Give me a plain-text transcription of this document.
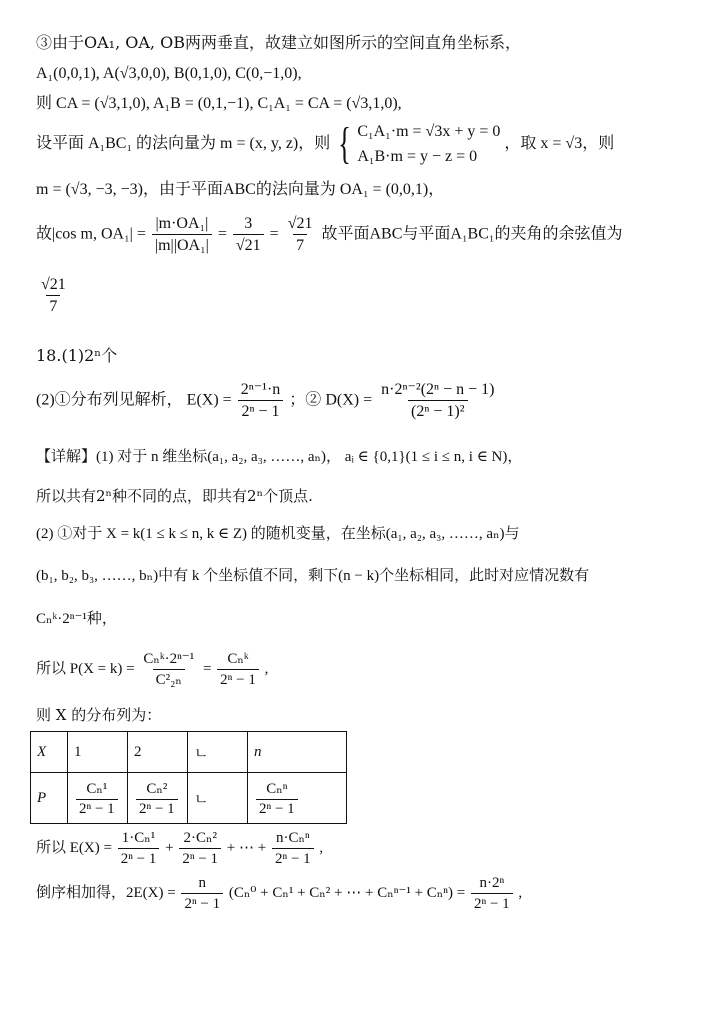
③由于OA₁, OA, OB两两垂直，故建立如图所示的空间直角坐标系，
A₁(0,0,1), A(√3,0,0), B(0,1,0), C(0,−1,0),
则 CA = (√3,1,0), A₁B = (0,1,−1), C₁A₁ = CA = (√3,1,0),
设平面 A₁BC₁ 的法向量为 m = (x, y, z)，则 { C₁A₁·m = √3x + y = 0
A₁B·m = y − z = 0
，取 x = √3，则
m = (√3, −3, −3)，由于平面ABC的法向量为 OA₁ = (0,0,1)，
故|cos m, $OA_1| = \frac{\text{|m·OA₁|}}{\text{|m||OA₁|}} = \frac{3}{√21} = \frac{√21}{7}$ 故平面ABC与平面A₁BC₁的夹角的余弦值为
$\frac{√21}{7}$
18.(1)2ⁿ个
(2)①分布列见解析， $E(X) = \frac{\text{2ⁿ⁻¹·n}}{\text{2ⁿ − 1}}$ ；② $D(X) = \frac{\text{n·2ⁿ⁻²(2ⁿ − n − 1)}}{\text{(2ⁿ − 1)²}}$
【详解】(1) 对于 n 维坐标(a₁, a₂, a₃, ……, aₙ)， aᵢ ∈ {0,1}(1 ≤ i ≤ n, i ∈ N)，
所以共有2ⁿ种不同的点，即共有2ⁿ个顶点.
(2) ①对于 X = k(1 ≤ k ≤ n, k ∈ Z) 的随机变量，在坐标(a₁, a₂, a₃, ……, aₙ)与
(b₁, b₂, b₃, ……, bₙ)中有 k 个坐标值不同，剩下(n − k)个坐标相同，此时对应情况数有
Cₙᵏ·2ⁿ⁻¹种，
所以 $P(X = k) = \frac{\text{Cₙᵏ·2ⁿ⁻¹}}{\text{C²₂ₙ}} = \frac{\text{Cₙᵏ}}{\text{2ⁿ − 1}}$ ,
则 X 的分布列为：
X	1	2	ㄴ	n
P	$\frac{\text{Cₙ¹}}{\text{2ⁿ − 1}}$	$\frac{\text{Cₙ²}}{\text{2ⁿ − 1}}$	ㄴ	$\frac{\text{Cₙⁿ}}{\text{2ⁿ − 1}}$
所以 $E(X) = \frac{\text{1·Cₙ¹}}{\text{2ⁿ − 1}} + \frac{\text{2·Cₙ²}}{\text{2ⁿ − 1}}$ + ⋯ + $\frac{\text{n·Cₙⁿ}}{\text{2ⁿ − 1}}$ ,
倒序相加得，$2E(X) = \frac{n}{\text{2ⁿ − 1}} (C_n^0 + C_n^1 + C_n^2$ + ⋯ + $C_n^{n-1} + C_n^n) = \frac{\text{n·2ⁿ}}{\text{2ⁿ − 1}}$ ,
